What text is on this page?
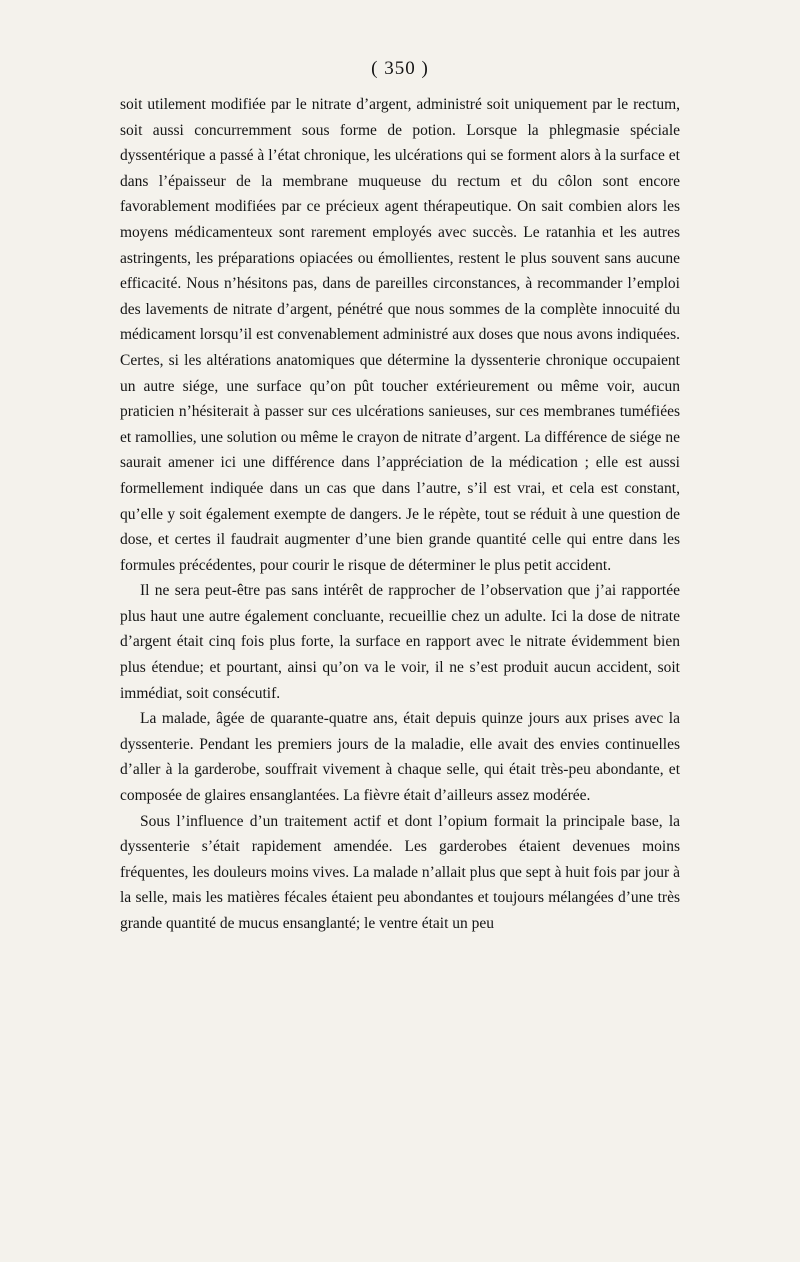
( 350 )

soit utilement modifiée par le nitrate d’argent, administré soit uniquement par le rectum, soit aussi concurremment sous forme de potion. Lorsque la phlegmasie spéciale dyssentérique a passé à l’état chronique, les ulcérations qui se forment alors à la surface et dans l’épaisseur de la membrane muqueuse du rectum et du côlon sont encore favorablement modifiées par ce précieux agent thérapeutique. On sait combien alors les moyens médicamenteux sont rarement employés avec succès. Le ratanhia et les autres astringents, les préparations opiacées ou émollientes, restent le plus souvent sans aucune efficacité. Nous n’hésitons pas, dans de pareilles circonstances, à recommander l’emploi des lavements de nitrate d’argent, pénétré que nous sommes de la complète innocuité du médicament lorsqu’il est convenablement administré aux doses que nous avons indiquées. Certes, si les altérations anatomiques que détermine la dyssenterie chronique occupaient un autre siége, une surface qu’on pût toucher extérieurement ou même voir, aucun praticien n’hésiterait à passer sur ces ulcérations sanieuses, sur ces membranes tuméfiées et ramollies, une solution ou même le crayon de nitrate d’argent. La différence de siége ne saurait amener ici une différence dans l’appréciation de la médication ; elle est aussi formellement indiquée dans un cas que dans l’autre, s’il est vrai, et cela est constant, qu’elle y soit également exempte de dangers. Je le répète, tout se réduit à une question de dose, et certes il faudrait augmenter d’une bien grande quantité celle qui entre dans les formules précédentes, pour courir le risque de déterminer le plus petit accident.

Il ne sera peut-être pas sans intérêt de rapprocher de l’observation que j’ai rapportée plus haut une autre également concluante, recueillie chez un adulte. Ici la dose de nitrate d’argent était cinq fois plus forte, la surface en rapport avec le nitrate évidemment bien plus étendue; et pourtant, ainsi qu’on va le voir, il ne s’est produit aucun accident, soit immédiat, soit consécutif.

La malade, âgée de quarante-quatre ans, était depuis quinze jours aux prises avec la dyssenterie. Pendant les premiers jours de la maladie, elle avait des envies continuelles d’aller à la garderobe, souffrait vivement à chaque selle, qui était très-peu abondante, et composée de glaires ensanglantées. La fièvre était d’ailleurs assez modérée.

Sous l’influence d’un traitement actif et dont l’opium formait la principale base, la dyssenterie s’était rapidement amendée. Les garderobes étaient devenues moins fréquentes, les douleurs moins vives. La malade n’allait plus que sept à huit fois par jour à la selle, mais les matières fécales étaient peu abondantes et toujours mélangées d’une très grande quantité de mucus ensanglanté; le ventre était un peu
